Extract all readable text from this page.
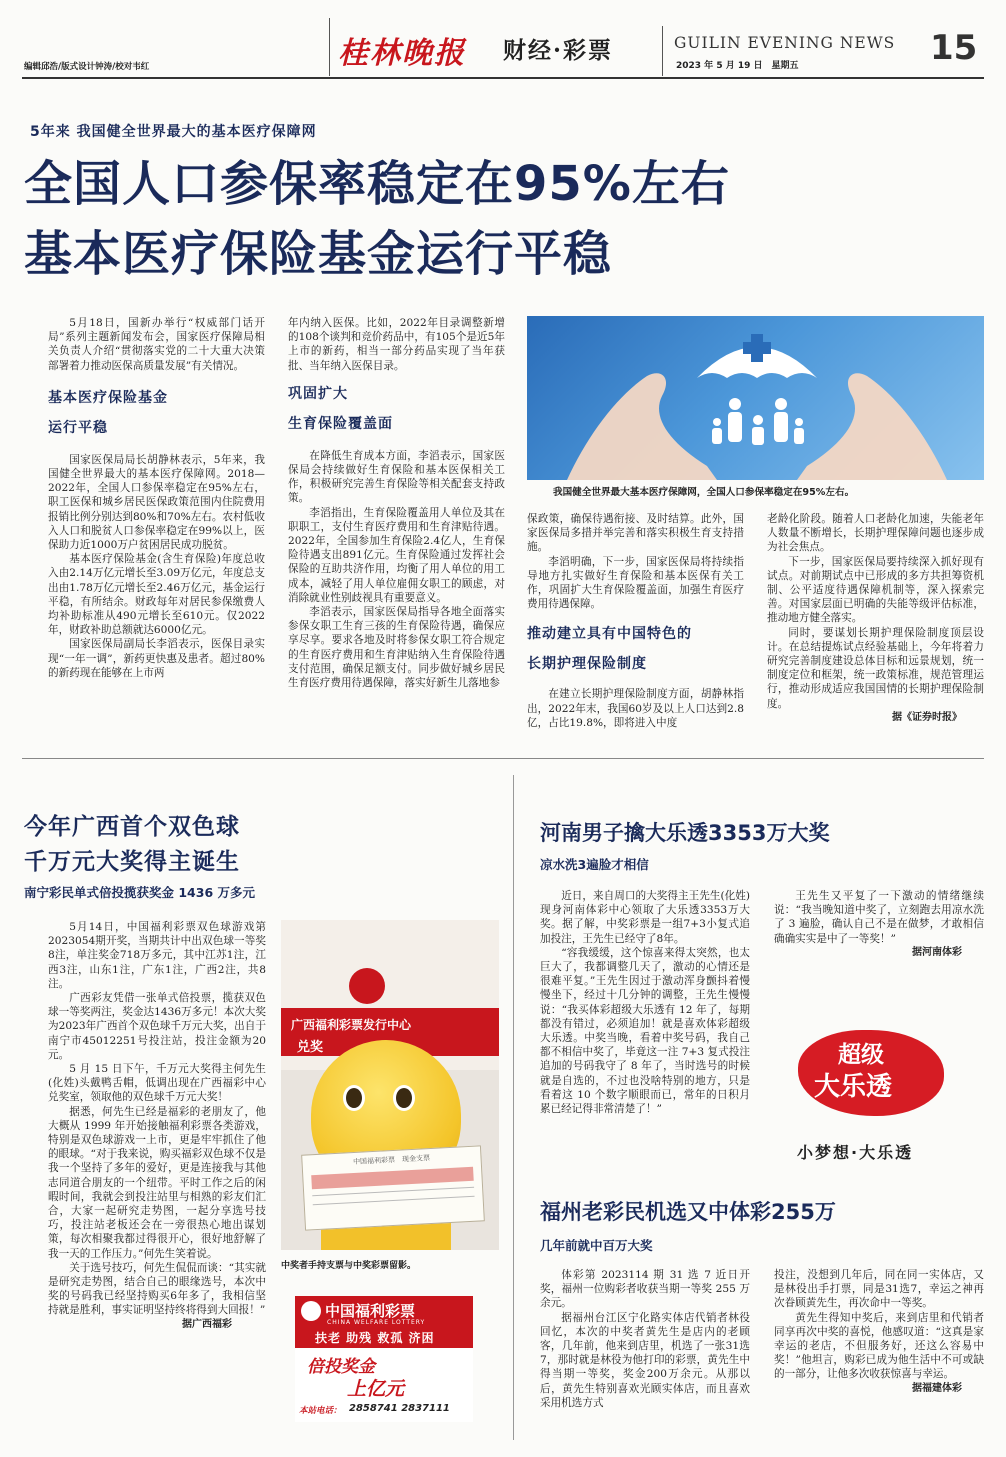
编辑邱浩/版式设计钟涛/校对韦红	桂林晚报 财经·彩票	GUILIN EVENING NEWS
2023 年 5 月 19 日　星期五	15
5年来 我国健全世界最大的基本医疗保障网
全国人口参保率稳定在95%左右
基本医疗保险基金运行平稳

5月18日，国新办举行“权威部门话开局”系列主题新闻发布会，国家医疗保障局相关负责人介绍“贯彻落实党的二十大重大决策部署着力推动医保高质量发展”有关情况。

基本医疗保险基金
运行平稳

国家医保局局长胡静林表示，5年来，我国健全世界最大的基本医疗保障网。2018—2022年，全国人口参保率稳定在95%左右，职工医保和城乡居民医保政策范围内住院费用报销比例分别达到80%和70%左右。农村低收入人口和脱贫人口参保率稳定在99%以上，医保助力近1000万户贫困居民成功脱贫。

基本医疗保险基金(含生育保险)年度总收入由2.14万亿元增长至3.09万亿元，年度总支出由1.78万亿元增长至2.46万亿元，基金运行平稳，有所结余。财政每年对居民参保缴费人均补助标准从490元增长至610元。仅2022年，财政补助总额就达6000亿元。

国家医保局副局长李滔表示，医保目录实现“一年一调”，新药更快惠及患者。超过80%的新药现在能够在上市两

年内纳入医保。比如，2022年目录调整新增的108个谈判和竞价药品中，有105个是近5年上市的新药，相当一部分药品实现了当年获批、当年纳入医保目录。

巩固扩大
生育保险覆盖面

在降低生育成本方面，李滔表示，国家医保局会持续做好生育保险和基本医保相关工作，积极研究完善生育保险等相关配套支持政策。

李滔指出，生育保险覆盖用人单位及其在职职工，支付生育医疗费用和生育津贴待遇。2022年，全国参加生育保险2.4亿人，生育保险待遇支出891亿元。生育保险通过发挥社会保险的互助共济作用，均衡了用人单位的用工成本，减轻了用人单位雇佣女职工的顾虑，对消除就业性别歧视具有重要意义。

李滔表示，国家医保局指导各地全面落实参保女职工生育三孩的生育保险待遇，确保应享尽享。要求各地及时将参保女职工符合规定的生育医疗费用和生育津贴纳入生育保险待遇支付范围，确保足额支付。同步做好城乡居民生育医疗费用待遇保障，落实好新生儿落地参

我国健全世界最大基本医疗保障网，全国人口参保率稳定在95%左右。

保政策，确保待遇衔接、及时结算。此外，国家医保局多措并举完善和落实积极生育支持措施。

李滔明确，下一步，国家医保局将持续指导地方扎实做好生育保险和基本医保有关工作，巩固扩大生育保险覆盖面，加强生育医疗费用待遇保障。

推动建立具有中国特色的
长期护理保险制度

在建立长期护理保险制度方面，胡静林指出，2022年末，我国60岁及以上人口达到2.8亿，占比19.8%，即将进入中度

老龄化阶段。随着人口老龄化加速，失能老年人数量不断增长，长期护理保障问题也逐步成为社会焦点。

下一步，国家医保局要持续深入抓好现有试点。对前期试点中已形成的多方共担筹资机制、公平适度待遇保障机制等，深入探索完善。对国家层面已明确的失能等级评估标准，推动地方健全落实。

同时，要谋划长期护理保险制度顶层设计。在总结提炼试点经验基础上，今年将着力研究完善制度建设总体目标和远景规划，统一制度定位和框架，统一政策标准，规范管理运行，推动形成适应我国国情的长期护理保险制度。

据《证券时报》
今年广西首个双色球
千万元大奖得主诞生
南宁彩民单式倍投揽获奖金 1436 万多元

5月14日，中国福利彩票双色球游戏第2023054期开奖，当期共计中出双色球一等奖8注，单注奖金718万多元，其中江苏1注，江西3注，山东1注，广东1注，广西2注，共8注。

广西彩友凭借一张单式倍投票，揽获双色球一等奖两注，奖金达1436万多元！本次大奖为2023年广西首个双色球千万元大奖，出自于南宁市45012251号投注站，投注金额为20元。

5 月 15 日下午，千万元大奖得主何先生(化姓)头戴鸭舌帽，低调出现在广西福彩中心兑奖室，领取他的双色球千万元大奖！

据悉，何先生已经是福彩的老朋友了，他大概从 1999 年开始接触福利彩票各类游戏，特别是双色球游戏一上市，更是牢牢抓住了他的眼球。“对于我来说，购买福彩双色球不仅是我一个坚持了多年的爱好，更是连接我与其他志同道合朋友的一个纽带。平时工作之后的闲暇时间，我就会到投注站里与相熟的彩友们汇合，大家一起研究走势图，一起分享选号技巧，投注站老板还会在一旁很热心地出谋划策，每次相聚我都过得很开心，很好地舒解了我一天的工作压力。”何先生笑着说。

关于选号技巧，何先生侃侃而谈：“其实就是研究走势图，结合自己的眼缘选号，本次中奖的号码我已经坚持购买6年多了，我相信坚持就是胜利，事实证明坚持终将得到大回报！”

据广西福彩
广西福利彩票发行中心
兑奖
中国福利彩票　现金支票
中奖者手持支票与中奖彩票留影。
中国福利彩票
CHINA WELFARE LOTTERY
扶老 助残 救孤 济困
倍投奖金
上亿元
本站电话： 2858741 2837111
河南男子擒大乐透3353万大奖
凉水洗3遍脸才相信

近日，来自周口的大奖得主王先生(化姓)现身河南体彩中心领取了大乐透3353万大奖。据了解，中奖彩票是一组7+3小复式追加投注，王先生已经守了8年。

“容我缓缓，这个惊喜来得太突然，也太巨大了，我都调整几天了，激动的心情还是很难平复。”王先生因过于激动浑身颤抖着慢慢坐下，经过十几分钟的调整，王先生慢慢说：“我买体彩超级大乐透有 12 年了，每期都没有错过，必须追加！就是喜欢体彩超级大乐透。中奖当晚，看着中奖号码，我自己都不相信中奖了，毕竟这一注 7+3 复式投注追加的号码我守了 8 年了，当时选号的时候就是自选的，不过也没啥特别的地方，只是看着这 10 个数字顺眼而已，常年的日积月累已经记得非常清楚了！”

王先生又平复了一下激动的情绪继续说：“我当晚知道中奖了，立刻跑去用凉水洗了 3 遍脸，确认自己不是在做梦，才敢相信确确实实是中了一等奖！”

据河南体彩
超级
大乐透
小梦想·大乐透
福州老彩民机选又中体彩255万
几年前就中百万大奖

体彩第 2023114 期 31 选 7 近日开奖，福州一位购彩者收获当期一等奖 255 万余元。

据福州台江区宁化路实体店代销者林役回忆，本次的中奖者黄先生是店内的老顾客，几年前，他来到店里，机选了一张31选7，那时就是林役为他打印的彩票，黄先生中得当期一等奖，奖金200万余元。从那以后，黄先生特别喜欢光顾实体店，而且喜欢采用机选方式

投注，没想到几年后，同在同一实体店，又是林役出手打票，同是31选7，幸运之神再次眷顾黄先生，再次命中一等奖。

黄先生得知中奖后，来到店里和代销者同享再次中奖的喜悦，他感叹道：“这真是家幸运的老店，不但服务好，还这么容易中奖！”他坦言，购彩已成为他生活中不可或缺的一部分，让他多次收获惊喜与幸运。

据福建体彩
